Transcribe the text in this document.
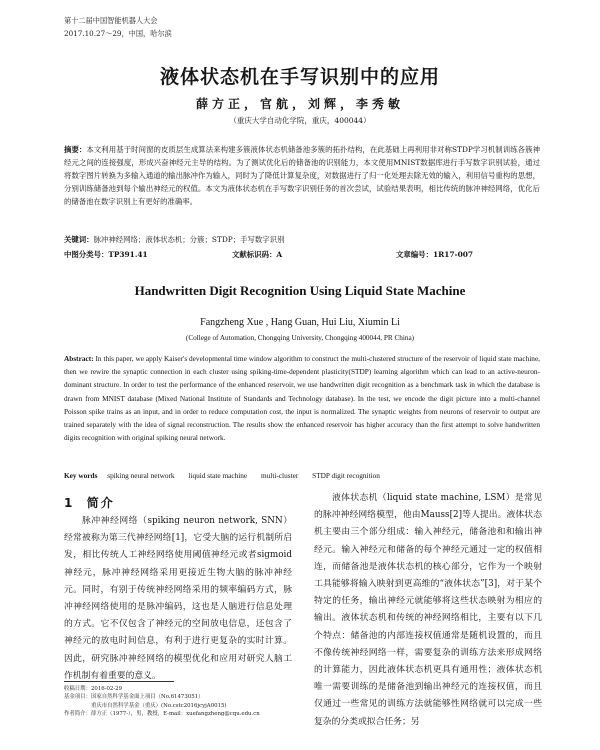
第十二届中国智能机器人大会
2017.10.27～29，中国，哈尔滨
液体状态机在手写识别中的应用
薛方正，官航，刘辉，李秀敏
（重庆大学自动化学院，重庆，400044）
摘要：本文利用基于时间窗的皮质层生成算法来构建多簇液体状态机储备池多簇的拓扑结构，在此基础上再利用非对称STDP学习机制训练各簇神经元之间的连接强度，形成兴奋神经元主导的结构。为了测试优化后的储备池的识别能力，本文使用MNIST数据库进行手写数字识别试验，通过将数字图片转换为多输入通道的输出脉冲作为输入，同时为了降低计算复杂度，对数据进行了归一化处理去除无效的输入，利用信号重构的思想，分别训练储备池到每个输出神经元的权值。本文为液体状态机在手写数字识别任务的首次尝试，试验结果表明，相比传统的脉冲神经网络，优化后的储备池在数字识别上有更好的准确率。
关键词：脉冲神经网络；液体状态机；分簇；STDP；手写数字识别
中图分类号：TP391.41	文献标识码：A	文章编号：1R17-007
Handwritten Digit Recognition Using Liquid State Machine
Fangzheng Xue , Hang Guan, Hui Liu, Xiumin Li
(College of Automation, Chongqing University, Chongqing 400044, PR China)
Abstract: In this paper, we apply Kaiser's developmental time window algorithm to construct the multi-clustered structure of the reservoir of liquid state machine, then we rewire the synaptic connection in each cluster using spiking-time-dependent plasticity(STDP) learning algorithm which can lead to an active-neuron-dominant structure. In order to test the performance of the enhanced reservoir, we use handwritten digit recognition as a benchmark task in which the database is drawn from MNIST database (Mixed National Institute of Standards and Technology database). In the test, we encode the digit picture into a multi-channel Poisson spike trains as an input, and in order to reduce computation cost, the input is normalized. The synaptic weights from neurons of reservoir to output are trained separately with the idea of signal reconstruction. The results show the enhanced reservoir has higher accuracy than the first attempt to solve handwritten digits recognition with original spiking neural network.
Key words spiking neural network liquid state machine multi-cluster STDP digit recognition
1 简介

脉冲神经网络（spiking neuron network, SNN）经常被称为第三代神经网络[1]，它受大脑的运行机制所启发，相比传统人工神经网络使用阈值神经元或者sigmoid神经元，脉冲神经网络采用更接近生物大脑的脉冲神经元。同时，有别于传统神经网络采用的频率编码方式，脉冲神经网络使用的是脉冲编码，这也是人脑进行信息处理的方式。它不仅包含了神经元的空间放电信息，还包含了神经元的放电时间信息，有利于进行更复杂的实时计算。因此，研究脉冲神经网络的模型优化和应用对研究人脑工作机制有着重要的意义。

液体状态机（liquid state machine, LSM）是常见的脉冲神经网络模型，他由Mauss[2]等人提出。液体状态机主要由三个部分组成：输入神经元，储备池和和输出神经元。输入神经元和储备的每个神经元通过一定的权值相连，而储备池是液体状态机的核心部分，它作为一个映射工具能够将输入映射到更高维的“液体状态”[3]，对于某个特定的任务，输出神经元就能够将这些状态映射为相应的输出。液体状态机和传统的神经网络相比，主要有以下几个特点：储备池的内部连接权值通常是随机设置的，而且不像传统神经网络一样，需要复杂的训练方法来形成网络的计算能力，因此液体状态机更具有通用性；液体状态机唯一需要训练的是储备池到输出神经元的连接权值，而且仅通过一些常见的训练方法就能够性网络就可以完成一些复杂的分类或拟合任务；另

收稿日期：2016-02-29
基金项目：国家自然科学基金面上项目（No.61473051）
　　　　　重庆市自然科学基金（重庆）(No.cstc2016jcyjA0015)
作者简介：薛方正（1977-），男，教授，E-mail：xuefangzheng@cqu.edu.cn
